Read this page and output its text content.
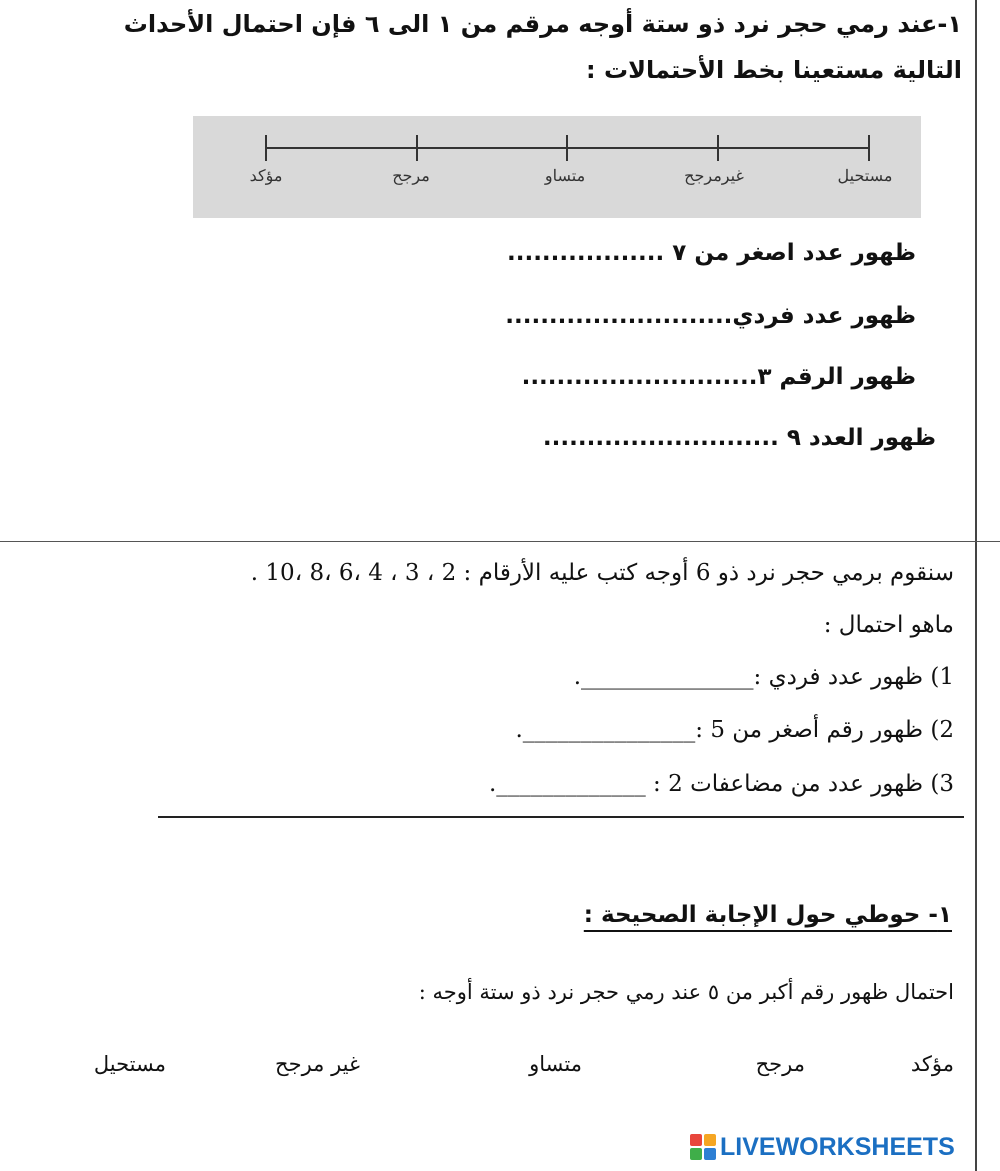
١-عند رمي حجر نرد ذو ستة أوجه مرقم من ١ الى ٦ فإن احتمال الأحداث
التالية مستعينا بخط الأحتمالات :
مستحيل
غيرمرجح
متساو
مرجح
مؤكد
ظهور عدد اصغر من ٧ ..................
ظهور عدد فردي..........................
ظهور الرقم ٣...........................
ظهور العدد ٩ ...........................
سنقوم برمي حجر نرد ذو 6 أوجه كتب عليه الأرقام : 2 ، 3 ، 4 ،6 ،8 ،10 .
ماهو احتمال :
1) ظهور عدد فردي :_______________.
2) ظهور رقم أصغر من 5 :_______________.
3) ظهور عدد من مضاعفات 2 : _____________.
١- حوطي حول الإجابة الصحيحة :
احتمال ظهور رقم أكبر من ٥ عند رمي حجر نرد ذو ستة أوجه :
مؤكد
مرجح
متساو
غير مرجح
مستحيل
LIVEWORKSHEETS
